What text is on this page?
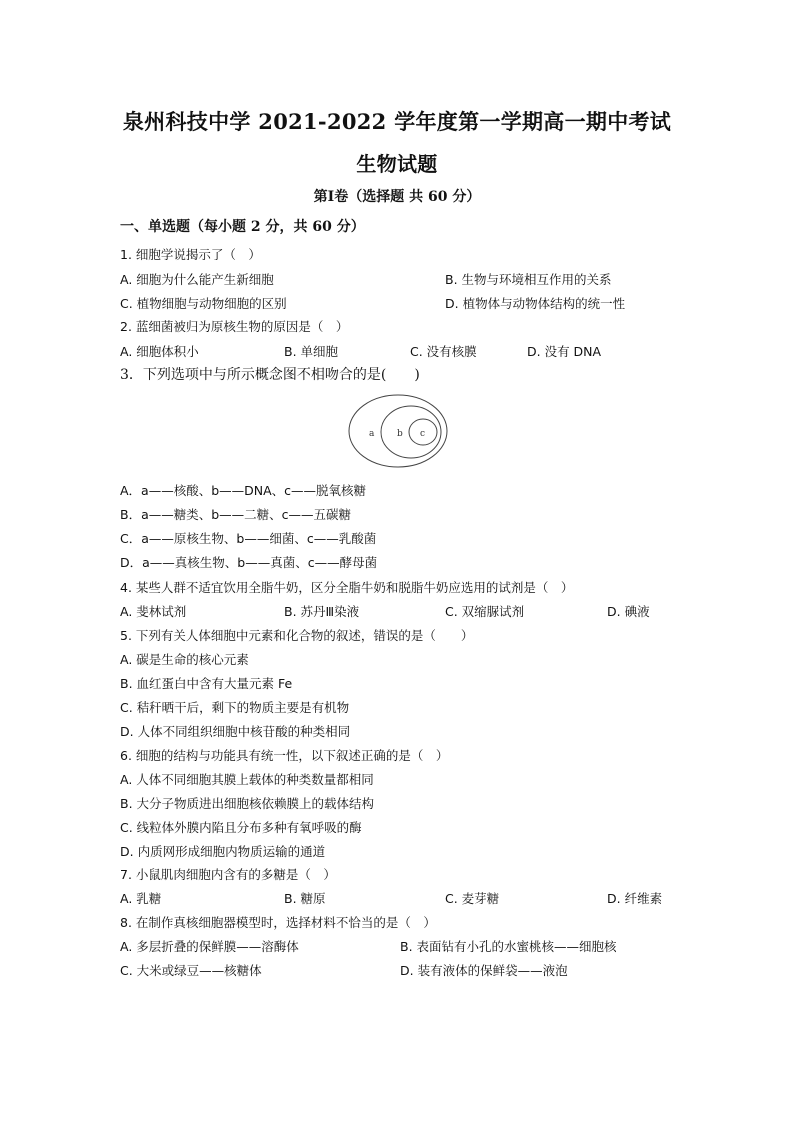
泉州科技中学 2021-2022 学年度第一学期高一期中考试
生物试题
第Ⅰ卷（选择题 共 60 分）
一、单选题（每小题 2 分，共 60 分）
1. 细胞学说揭示了（　）
A. 细胞为什么能产生新细胞	B. 生物与环境相互作用的关系
C. 植物细胞与动物细胞的区别	D. 植物体与动物体结构的统一性
2. 蓝细菌被归为原核生物的原因是（　）
A. 细胞体积小	B. 单细胞	C. 没有核膜	D. 没有 DNA
3．下列选项中与所示概念图不相吻合的是(　　)
a	b c
A．a——核酸、b——DNA、c——脱氧核糖
B．a——糖类、b——二糖、c——五碳糖
C．a——原核生物、b——细菌、c——乳酸菌
D．a——真核生物、b——真菌、c——酵母菌
4. 某些人群不适宜饮用全脂牛奶，区分全脂牛奶和脱脂牛奶应选用的试剂是（　）
A. 斐林试剂	B. 苏丹Ⅲ染液	C. 双缩脲试剂	D. 碘液
5. 下列有关人体细胞中元素和化合物的叙述，错误的是（　　）
A. 碳是生命的核心元素
B. 血红蛋白中含有大量元素 Fe
C. 秸秆晒干后，剩下的物质主要是有机物
D. 人体不同组织细胞中核苷酸的种类相同
6. 细胞的结构与功能具有统一性，以下叙述正确的是（　）
A. 人体不同细胞其膜上载体的种类数量都相同
B. 大分子物质进出细胞核依赖膜上的载体结构
C. 线粒体外膜内陷且分布多种有氧呼吸的酶
D. 内质网形成细胞内物质运输的通道
7. 小鼠肌肉细胞内含有的多糖是（　）
A. 乳糖	B. 糖原	C. 麦芽糖	D. 纤维素
8. 在制作真核细胞器模型时，选择材料不恰当的是（　）
A. 多层折叠的保鲜膜——溶酶体	B. 表面钻有小孔的水蜜桃核——细胞核
C. 大米或绿豆——核糖体	D. 装有液体的保鲜袋——液泡
